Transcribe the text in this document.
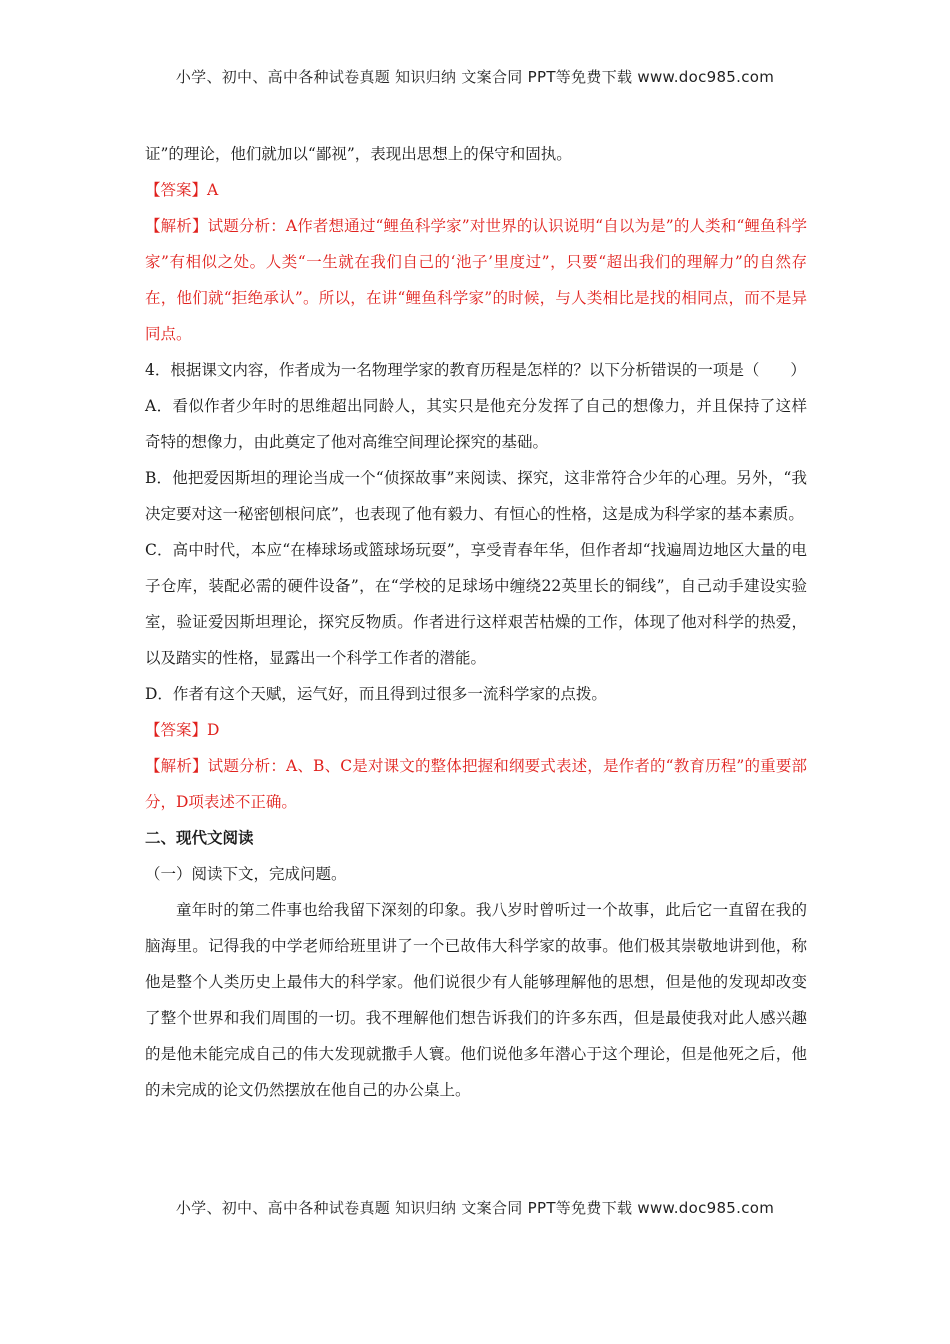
小学、初中、高中各种试卷真题 知识归纳 文案合同 PPT等免费下载 www.doc985.com

证”的理论，他们就加以“鄙视”，表现出思想上的保守和固执。

【答案】A

【解析】试题分析：A作者想通过“鲤鱼科学家”对世界的认识说明“自以为是”的人类和“鲤鱼科学家”有相似之处。人类“一生就在我们自己的‘池子’里度过”，只要“超出我们的理解力”的自然存在，他们就“拒绝承认”。所以，在讲“鲤鱼科学家”的时候，与人类相比是找的相同点，而不是异同点。

4．根据课文内容，作者成为一名物理学家的教育历程是怎样的？以下分析错误的一项是（　　）

A．看似作者少年时的思维超出同龄人，其实只是他充分发挥了自己的想像力，并且保持了这样奇特的想像力，由此奠定了他对高维空间理论探究的基础。

B．他把爱因斯坦的理论当成一个“侦探故事”来阅读、探究，这非常符合少年的心理。另外，“我决定要对这一秘密刨根问底”，也表现了他有毅力、有恒心的性格，这是成为科学家的基本素质。

C．高中时代，本应“在棒球场或篮球场玩耍”，享受青春年华，但作者却“找遍周边地区大量的电子仓库，装配必需的硬件设备”，在“学校的足球场中缠绕22英里长的铜线”，自己动手建设实验室，验证爱因斯坦理论，探究反物质。作者进行这样艰苦枯燥的工作，体现了他对科学的热爱，以及踏实的性格，显露出一个科学工作者的潜能。

D．作者有这个天赋，运气好，而且得到过很多一流科学家的点拨。

【答案】D

【解析】试题分析：A、B、C是对课文的整体把握和纲要式表述，是作者的“教育历程”的重要部分，D项表述不正确。

二、现代文阅读

（一）阅读下文，完成问题。

童年时的第二件事也给我留下深刻的印象。我八岁时曾听过一个故事，此后它一直留在我的脑海里。记得我的中学老师给班里讲了一个已故伟大科学家的故事。他们极其崇敬地讲到他，称他是整个人类历史上最伟大的科学家。他们说很少有人能够理解他的思想，但是他的发现却改变了整个世界和我们周围的一切。我不理解他们想告诉我们的许多东西，但是最使我对此人感兴趣的是他未能完成自己的伟大发现就撒手人寰。他们说他多年潜心于这个理论，但是他死之后，他的未完成的论文仍然摆放在他自己的办公桌上。

小学、初中、高中各种试卷真题 知识归纳 文案合同 PPT等免费下载 www.doc985.com
